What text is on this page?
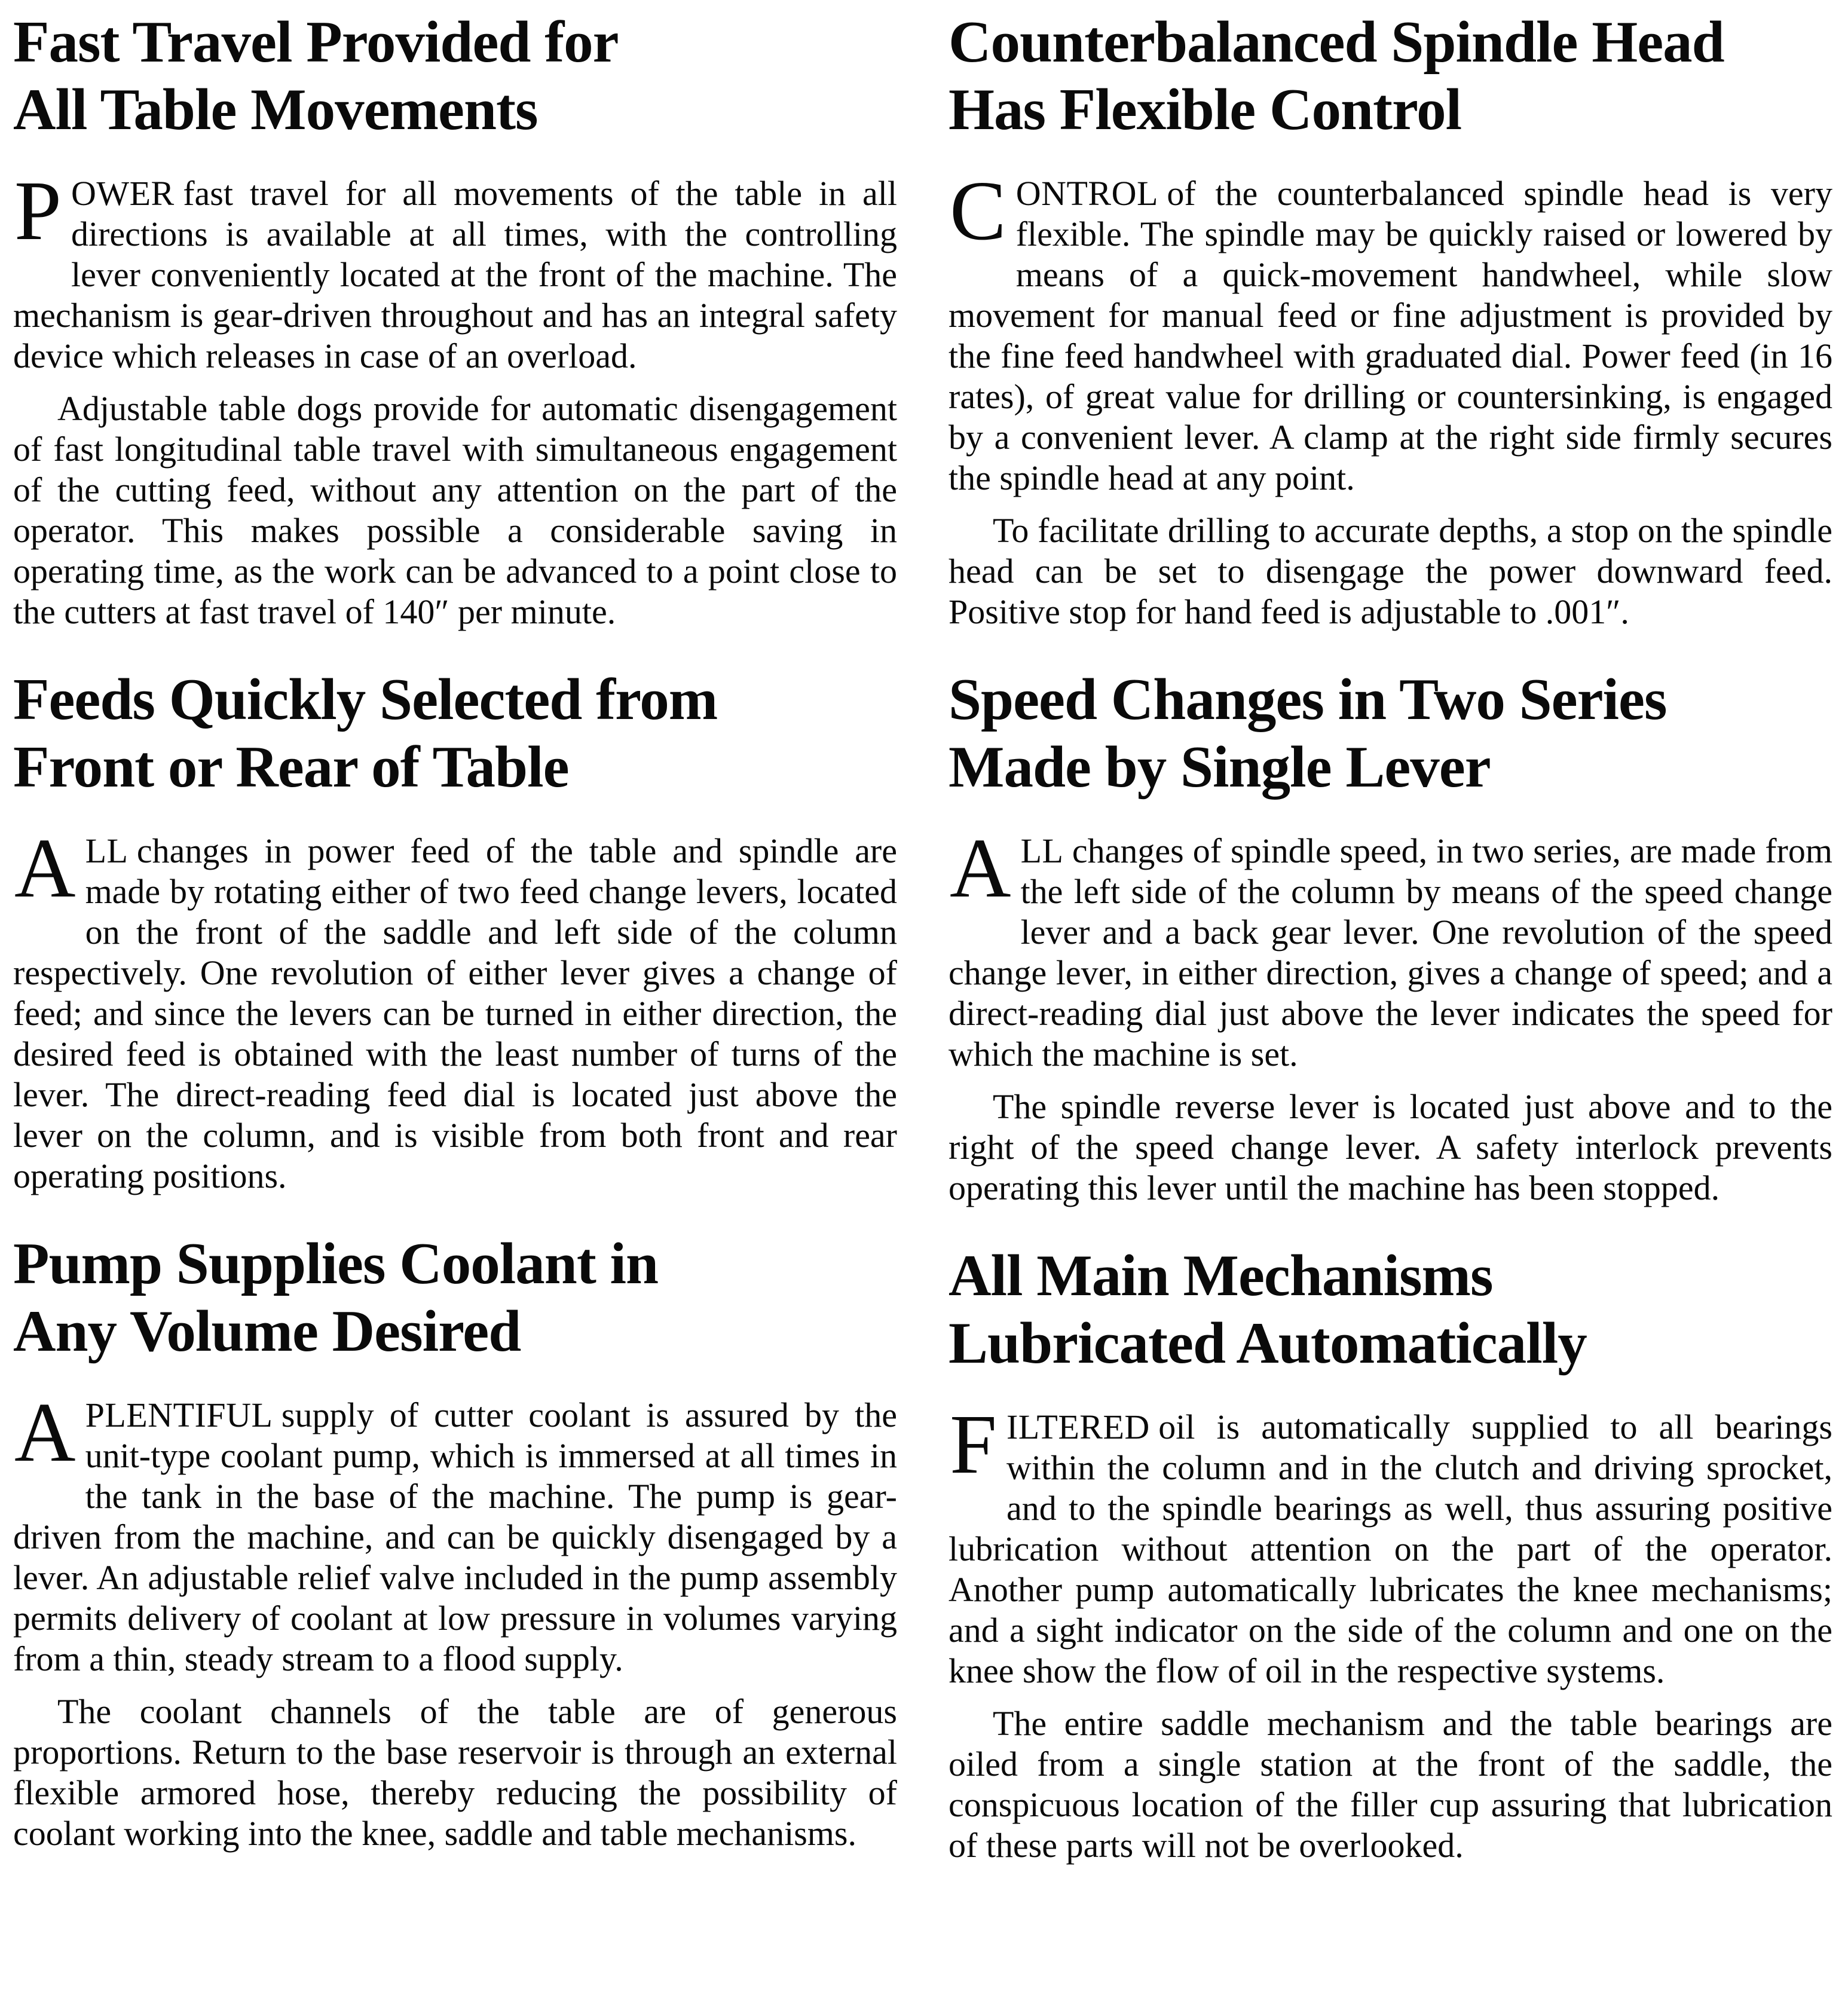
Fast Travel Provided for
All Table Movements

POWER fast travel for all movements of the table in all directions is available at all times, with the controlling lever conveniently located at the front of the machine. The mechanism is gear-driven throughout and has an integral safety device which releases in case of an overload.

Adjustable table dogs provide for automatic disengagement of fast longitudinal table travel with simultaneous engagement of the cutting feed, without any attention on the part of the operator. This makes possible a considerable saving in operating time, as the work can be advanced to a point close to the cutters at fast travel of 140″ per minute.

Feeds Quickly Selected from
Front or Rear of Table

ALL changes in power feed of the table and spindle are made by rotating either of two feed change levers, located on the front of the saddle and left side of the column respectively. One revolution of either lever gives a change of feed; and since the levers can be turned in either direction, the desired feed is obtained with the least number of turns of the lever. The direct-reading feed dial is located just above the lever on the column, and is visible from both front and rear operating positions.

Pump Supplies Coolant in
Any Volume Desired

APLENTIFUL supply of cutter coolant is assured by the unit-type coolant pump, which is immersed at all times in the tank in the base of the machine. The pump is gear-driven from the machine, and can be quickly disengaged by a lever. An adjustable relief valve included in the pump assembly permits delivery of coolant at low pressure in volumes varying from a thin, steady stream to a flood supply.

The coolant channels of the table are of generous proportions. Return to the base reservoir is through an external flexible armored hose, thereby reducing the possibility of coolant working into the knee, saddle and table mechanisms.

Counterbalanced Spindle Head
Has Flexible Control

CONTROL of the counterbalanced spindle head is very flexible. The spindle may be quickly raised or lowered by means of a quick-movement handwheel, while slow movement for manual feed or fine adjustment is provided by the fine feed handwheel with graduated dial. Power feed (in 16 rates), of great value for drilling or countersinking, is engaged by a convenient lever. A clamp at the right side firmly secures the spindle head at any point.

To facilitate drilling to accurate depths, a stop on the spindle head can be set to disengage the power downward feed. Positive stop for hand feed is adjustable to .001″.

Speed Changes in Two Series
Made by Single Lever

ALL changes of spindle speed, in two series, are made from the left side of the column by means of the speed change lever and a back gear lever. One revolution of the speed change lever, in either direction, gives a change of speed; and a direct-reading dial just above the lever indicates the speed for which the machine is set.

The spindle reverse lever is located just above and to the right of the speed change lever. A safety interlock prevents operating this lever until the machine has been stopped.

All Main Mechanisms
Lubricated Automatically

FILTERED oil is automatically supplied to all bearings within the column and in the clutch and driving sprocket, and to the spindle bearings as well, thus assuring positive lubrication without attention on the part of the operator. Another pump automatically lubricates the knee mechanisms; and a sight indicator on the side of the column and one on the knee show the flow of oil in the respective systems.

The entire saddle mechanism and the table bearings are oiled from a single station at the front of the saddle, the conspicuous location of the filler cup assuring that lubrication of these parts will not be overlooked.
